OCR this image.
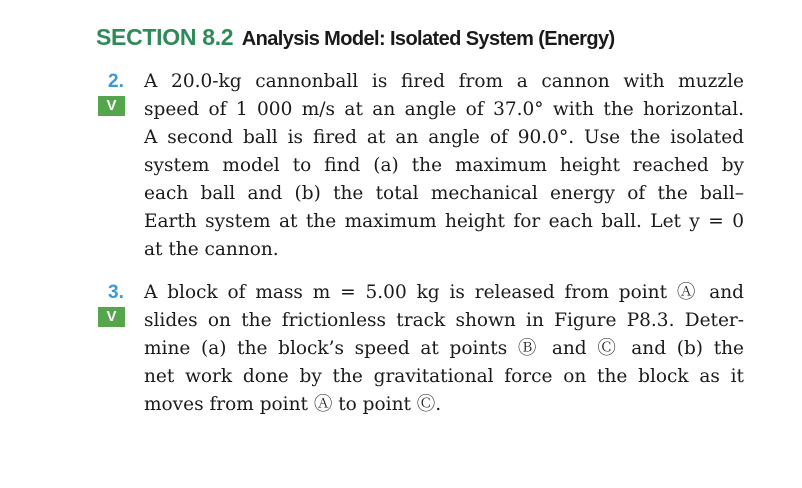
SECTION 8.2 Analysis Model: Isolated System (Energy)
2.
V

A 20.0-kg cannonball is fired from a cannon with muzzle
speed of 1 000 m/s at an angle of 37.0° with the horizontal.
A second ball is fired at an angle of 90.0°. Use the isolated
system model to find (a) the maximum height reached by
each ball and (b) the total mechanical energy of the ball–
Earth system at the maximum height for each ball. Let y = 0
at the cannon.

3.
V

A block of mass m = 5.00 kg is released from point Ⓐ and
slides on the frictionless track shown in Figure P8.3. Deter-
mine (a) the block’s speed at points Ⓑ and Ⓒ and (b) the
net work done by the gravitational force on the block as it
moves from point Ⓐ to point Ⓒ.
